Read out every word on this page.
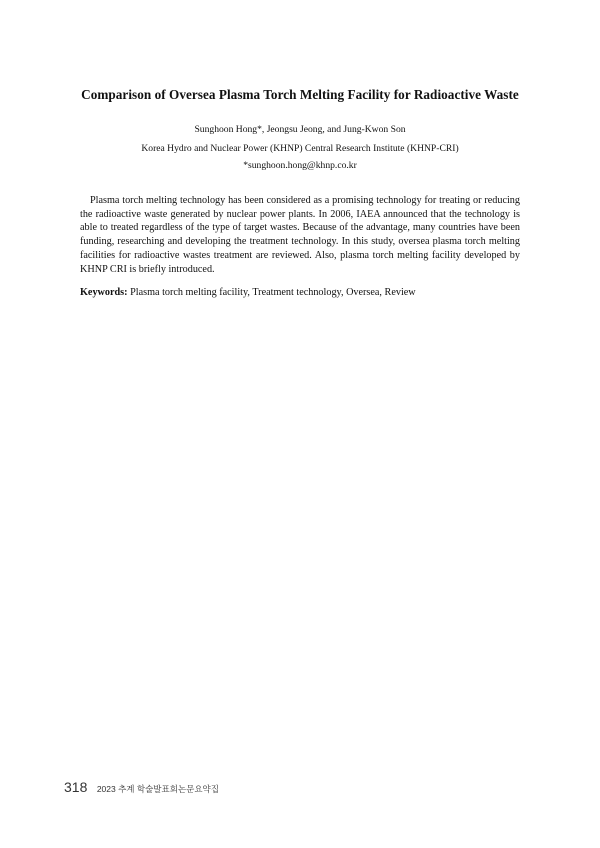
Comparison of Oversea Plasma Torch Melting Facility for Radioactive Waste
Sunghoon Hong*, Jeongsu Jeong, and Jung-Kwon Son
Korea Hydro and Nuclear Power (KHNP) Central Research Institute (KHNP-CRI)
*sunghoon.hong@khnp.co.kr
Plasma torch melting technology has been considered as a promising technology for treating or reducing the radioactive waste generated by nuclear power plants. In 2006, IAEA announced that the technology is able to treated regardless of the type of target wastes. Because of the advantage, many countries have been funding, researching and developing the treatment technology. In this study, oversea plasma torch melting facilities for radioactive wastes treatment are reviewed. Also, plasma torch melting facility developed by KHNP CRI is briefly introduced.
Keywords: Plasma torch melting facility, Treatment technology, Oversea, Review
318 2023 추계 학술발표회논문요약집
